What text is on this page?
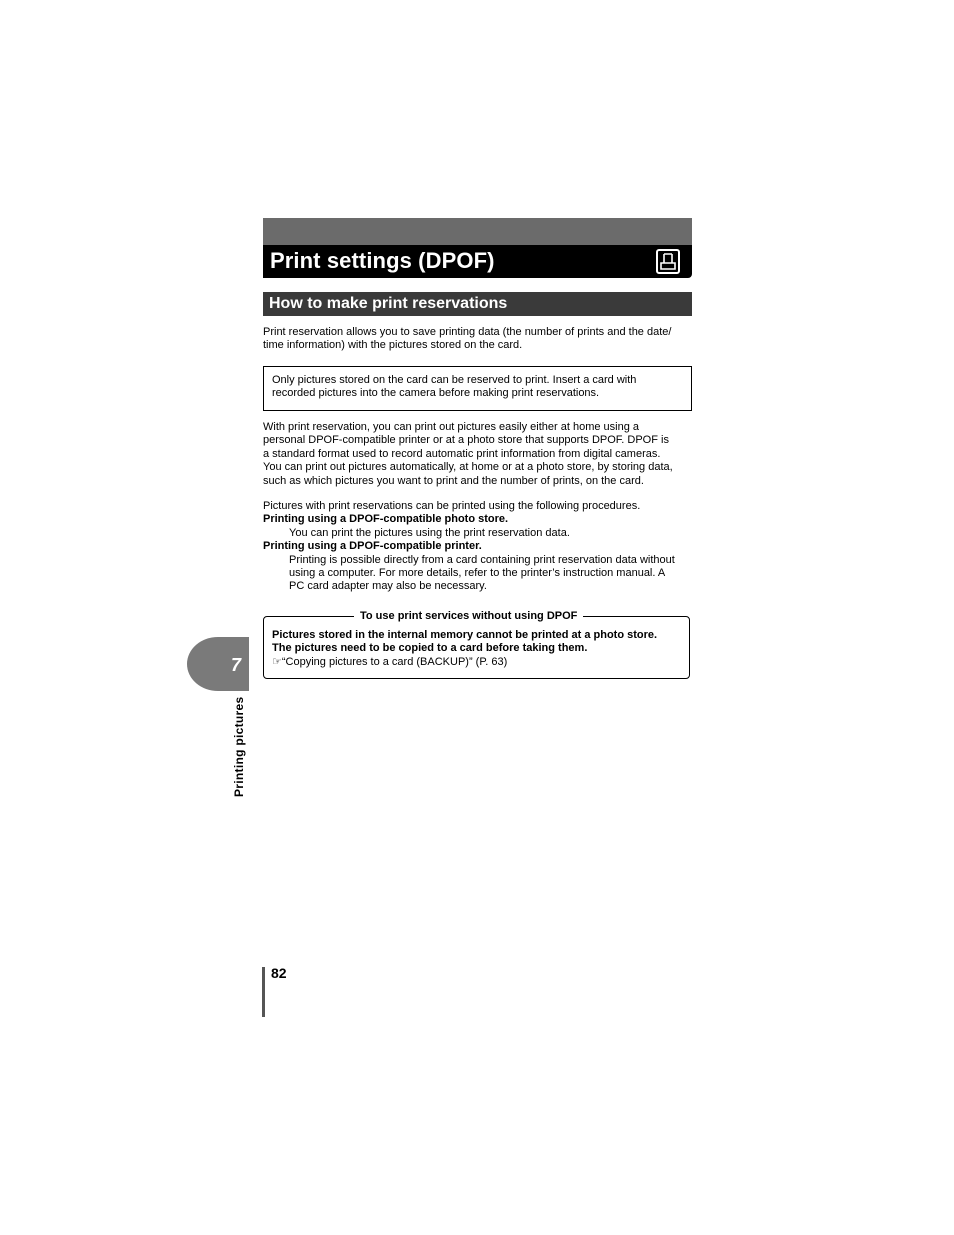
Print settings (DPOF)
How to make print reservations
Print reservation allows you to save printing data (the number of prints and the date/
time information) with the pictures stored on the card.
Only pictures stored on the card can be reserved to print. Insert a card with
recorded pictures into the camera before making print reservations.
With print reservation, you can print out pictures easily either at home using a
personal DPOF-compatible printer or at a photo store that supports DPOF. DPOF is
a standard format used to record automatic print information from digital cameras.
You can print out pictures automatically, at home or at a photo store, by storing data,
such as which pictures you want to print and the number of prints, on the card.
Pictures with print reservations can be printed using the following procedures.
Printing using a DPOF-compatible photo store.
You can print the pictures using the print reservation data.
Printing using a DPOF-compatible printer.
Printing is possible directly from a card containing print reservation data without
using a computer. For more details, refer to the printer’s instruction manual. A
PC card adapter may also be necessary.
To use print services without using DPOF
Pictures stored in the internal memory cannot be printed at a photo store.
The pictures need to be copied to a card before taking them.
☞“Copying pictures to a card (BACKUP)” (P. 63)
7
Printing pictures
82
